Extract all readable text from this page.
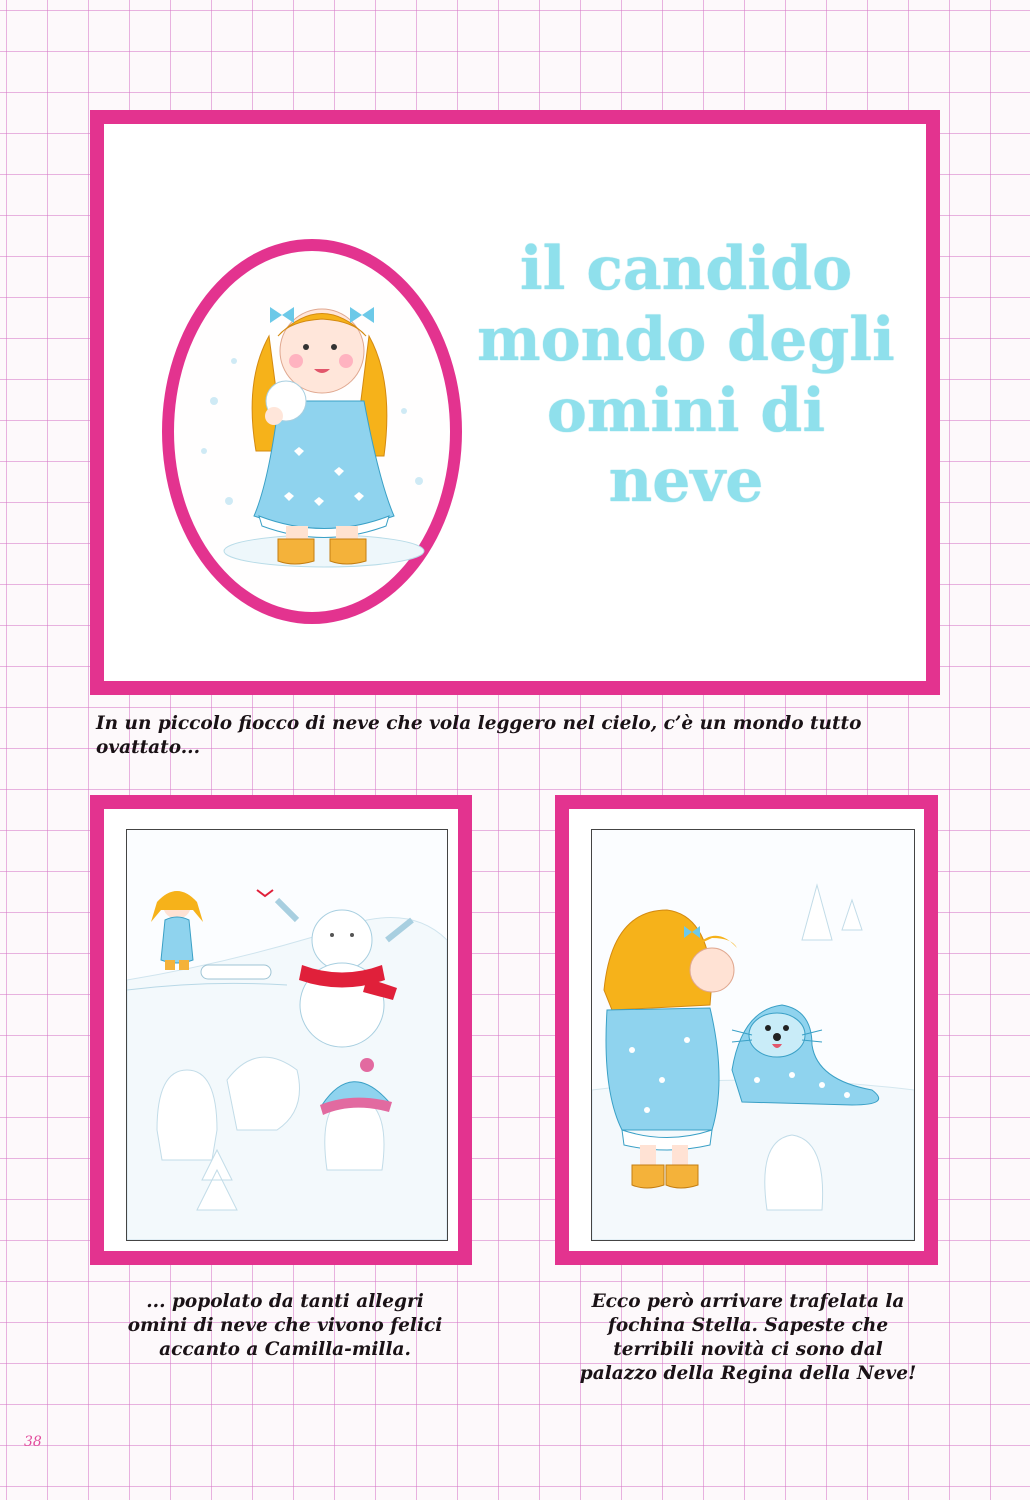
il candido
mondo degli
omini di
neve
In un piccolo fiocco di neve che vola leggero nel cielo, c’è un mondo tutto
ovattato...
... popolato da tanti allegri
omini di neve che vivono felici
accanto a Camilla-milla.
Ecco però arrivare trafelata la
fochina Stella. Sapeste che
terribili novità ci sono dal
palazzo della Regina della Neve!
38
